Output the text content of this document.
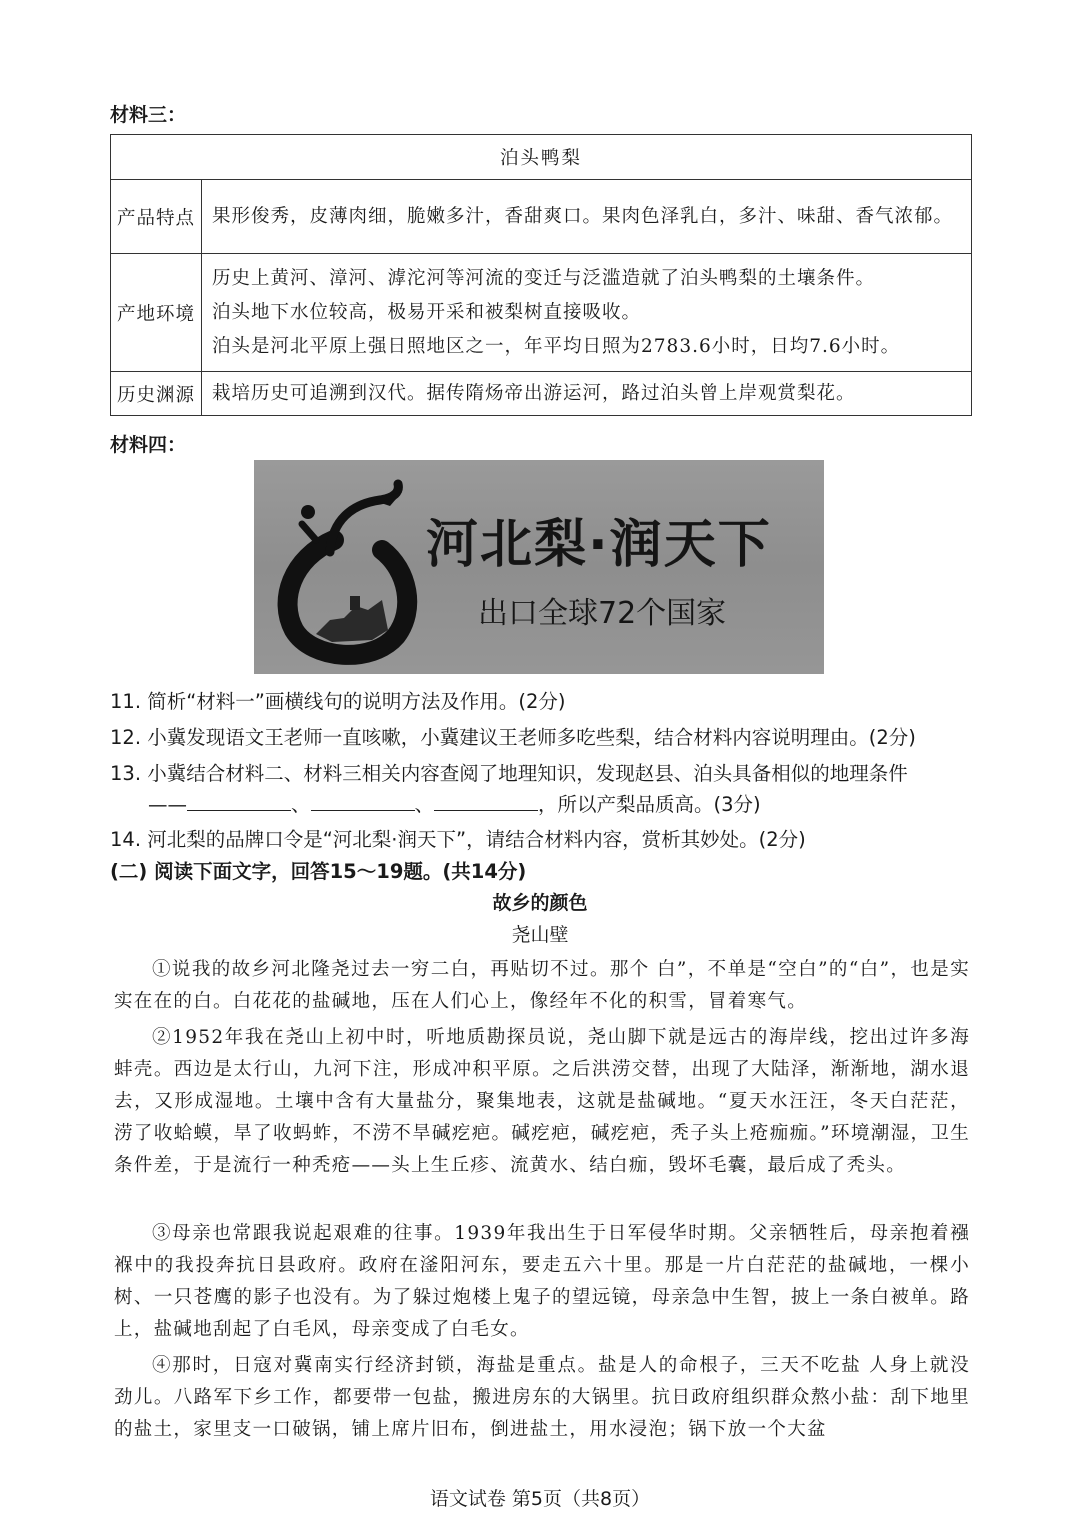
材料三：
泊头鸭梨	
产品特点	果形俊秀，皮薄肉细，脆嫩多汁，香甜爽口。果肉色泽乳白，多汁、味甜、香气浓郁。

产地环境	历史上黄河、漳河、滹沱河等河流的变迁与泛滥造就了泊头鸭梨的土壤条件。
泊头地下水位较高，极易开采和被梨树直接吸收。
泊头是河北平原上强日照地区之一，年平均日照为2783.6小时，日均7.6小时。

历史渊源	栽培历史可追溯到汉代。据传隋炀帝出游运河，路过泊头曾上岸观赏梨花。
材料四：
河北梨·润天下
出口全球72个国家
11. 简析“材料一”画横线句的说明方法及作用。(2分)
12. 小冀发现语文王老师一直咳嗽，小冀建议王老师多吃些梨，结合材料内容说明理由。(2分)
13. 小冀结合材料二、材料三相关内容查阅了地理知识，发现赵县、泊头具备相似的地理条件
——	、	、	，所以产梨品质高。(3分)
14. 河北梨的品牌口令是“河北梨·润天下”，请结合材料内容，赏析其妙处。(2分)
(二) 阅读下面文字，回答15～19题。(共14分)
故乡的颜色
尧山壁
①说我的故乡河北隆尧过去一穷二白，再贴切不过。那个 白”，不单是“空白”的“白”，也是实实在在的白。白花花的盐碱地，压在人们心上，像经年不化的积雪，冒着寒气。
②1952年我在尧山上初中时，听地质勘探员说，尧山脚下就是远古的海岸线，挖出过许多海蚌壳。西边是太行山，九河下注，形成冲积平原。之后洪涝交替，出现了大陆泽，渐渐地，湖水退去，又形成湿地。土壤中含有大量盐分，聚集地表，这就是盐碱地。“夏天水汪汪，冬天白茫茫，涝了收蛤蟆，旱了收蚂蚱，不涝不旱碱疙疤。碱疙疤，碱疙疤，秃子头上疮痂痂。”环境潮湿，卫生条件差，于是流行一种秃疮——头上生丘疹、流黄水、结白痂，毁坏毛囊，最后成了秃头。
③母亲也常跟我说起艰难的往事。1939年我出生于日军侵华时期。父亲牺牲后，母亲抱着襁褓中的我投奔抗日县政府。政府在滏阳河东，要走五六十里。那是一片白茫茫的盐碱地，一棵小树、一只苍鹰的影子也没有。为了躲过炮楼上鬼子的望远镜，母亲急中生智，披上一条白被单。路上，盐碱地刮起了白毛风，母亲变成了白毛女。
④那时，日寇对冀南实行经济封锁，海盐是重点。盐是人的命根子，三天不吃盐 人身上就没劲儿。八路军下乡工作，都要带一包盐，搬进房东的大锅里。抗日政府组织群众熬小盐：刮下地里的盐土，家里支一口破锅，铺上席片旧布，倒进盐土，用水浸泡；锅下放一个大盆
语文试卷 第5页（共8页）
